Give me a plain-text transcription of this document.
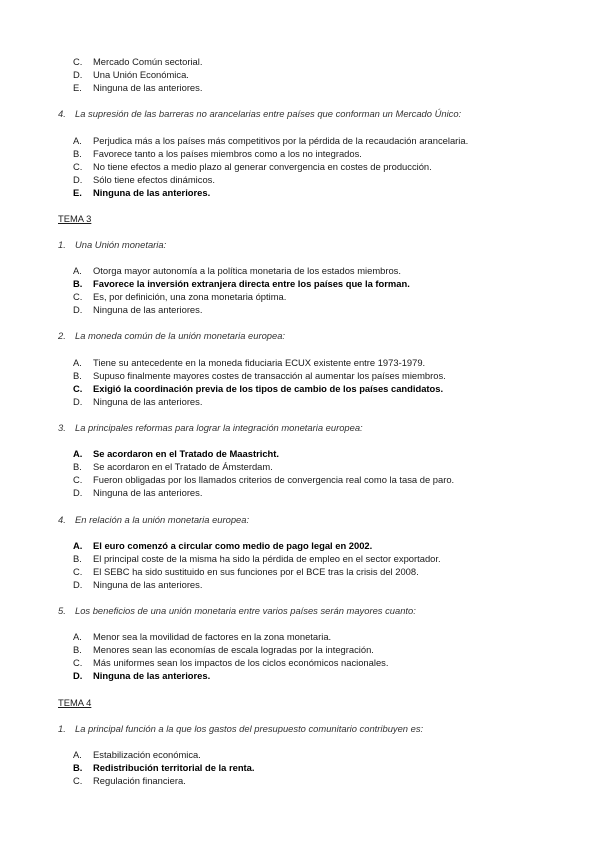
C. Mercado Común sectorial.
D. Una Unión Económica.
E. Ninguna de las anteriores.
4. La supresión de las barreras no arancelarias entre países que conforman un Mercado Único:
A. Perjudica más a los países más competitivos por la pérdida de la recaudación arancelaria.
B. Favorece tanto a los países miembros como a los no integrados.
C. No tiene efectos a medio plazo al generar convergencia en costes de producción.
D. Sólo tiene efectos dinámicos.
E. Ninguna de las anteriores.
TEMA 3
1. Una Unión monetaria:
A. Otorga mayor autonomía a la política monetaria de los estados miembros.
B. Favorece la inversión extranjera directa entre los países que la forman.
C. Es, por definición, una zona monetaria óptima.
D. Ninguna de las anteriores.
2. La moneda común de la unión monetaria europea:
A. Tiene su antecedente en la moneda fiduciaria ECUX existente entre 1973-1979.
B. Supuso finalmente mayores costes de transacción al aumentar los países miembros.
C. Exigió la coordinación previa de los tipos de cambio de los países candidatos.
D. Ninguna de las anteriores.
3. La principales reformas para lograr la integración monetaria europea:
A. Se acordaron en el Tratado de Maastricht.
B. Se acordaron en el Tratado de Ámsterdam.
C. Fueron obligadas por los llamados criterios de convergencia real como la tasa de paro.
D. Ninguna de las anteriores.
4. En relación a la unión monetaria europea:
A. El euro comenzó a circular como medio de pago legal en 2002.
B. El principal coste de la misma ha sido la pérdida de empleo en el sector exportador.
C. El SEBC ha sido sustituido en sus funciones por el BCE tras la crisis del 2008.
D. Ninguna de las anteriores.
5. Los beneficios de una unión monetaria entre varios países serán mayores cuanto:
A. Menor sea la movilidad de factores en la zona monetaria.
B. Menores sean las economías de escala logradas por la integración.
C. Más uniformes sean los impactos de los ciclos económicos nacionales.
D. Ninguna de las anteriores.
TEMA 4
1. La principal función a la que los gastos del presupuesto comunitario contribuyen es:
A. Estabilización económica.
B. Redistribución territorial de la renta.
C. Regulación financiera.
